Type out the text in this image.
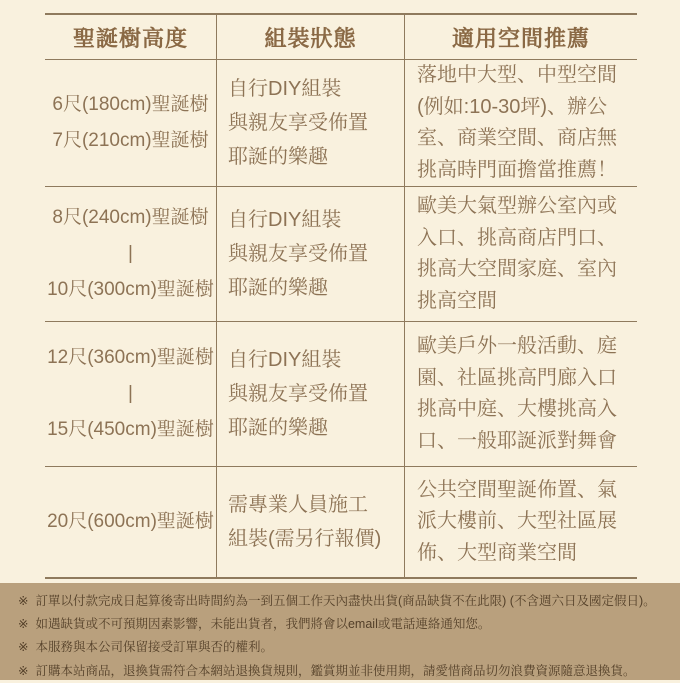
聖誕樹高度	組裝狀態	適用空間推薦
6尺(180cm)聖誕樹
7尺(210cm)聖誕樹
自行DIY組裝
與親友享受佈置
耶誕的樂趣
落地中大型、中型空間
(例如:10-30坪)、辦公
室、商業空間、商店無
挑高時門面擔當推薦！
8尺(240cm)聖誕樹
|
10尺(300cm)聖誕樹
自行DIY組裝
與親友享受佈置
耶誕的樂趣
歐美大氣型辦公室內或
入口、挑高商店門口、
挑高大空間家庭、室內
挑高空間
12尺(360cm)聖誕樹
|
15尺(450cm)聖誕樹
自行DIY組裝
與親友享受佈置
耶誕的樂趣
歐美戶外一般活動、庭
園、社區挑高門廊入口
挑高中庭、大樓挑高入
口、一般耶誕派對舞會
20尺(600cm)聖誕樹
需專業人員施工
組裝(需另行報價)
公共空間聖誕佈置、氣
派大樓前、大型社區展
佈、大型商業空間
※ 訂單以付款完成日起算後寄出時間約為一到五個工作天內盡快出貨(商品缺貨不在此限) (不含週六日及國定假日)。
※ 如遇缺貨或不可預期因素影響，未能出貨者，我們將會以email或電話連絡通知您。
※ 本服務與本公司保留接受訂單與否的權利。
※ 訂購本站商品，退換貨需符合本網站退換貨規則，鑑賞期並非使用期，請愛惜商品切勿浪費資源隨意退換貨。
